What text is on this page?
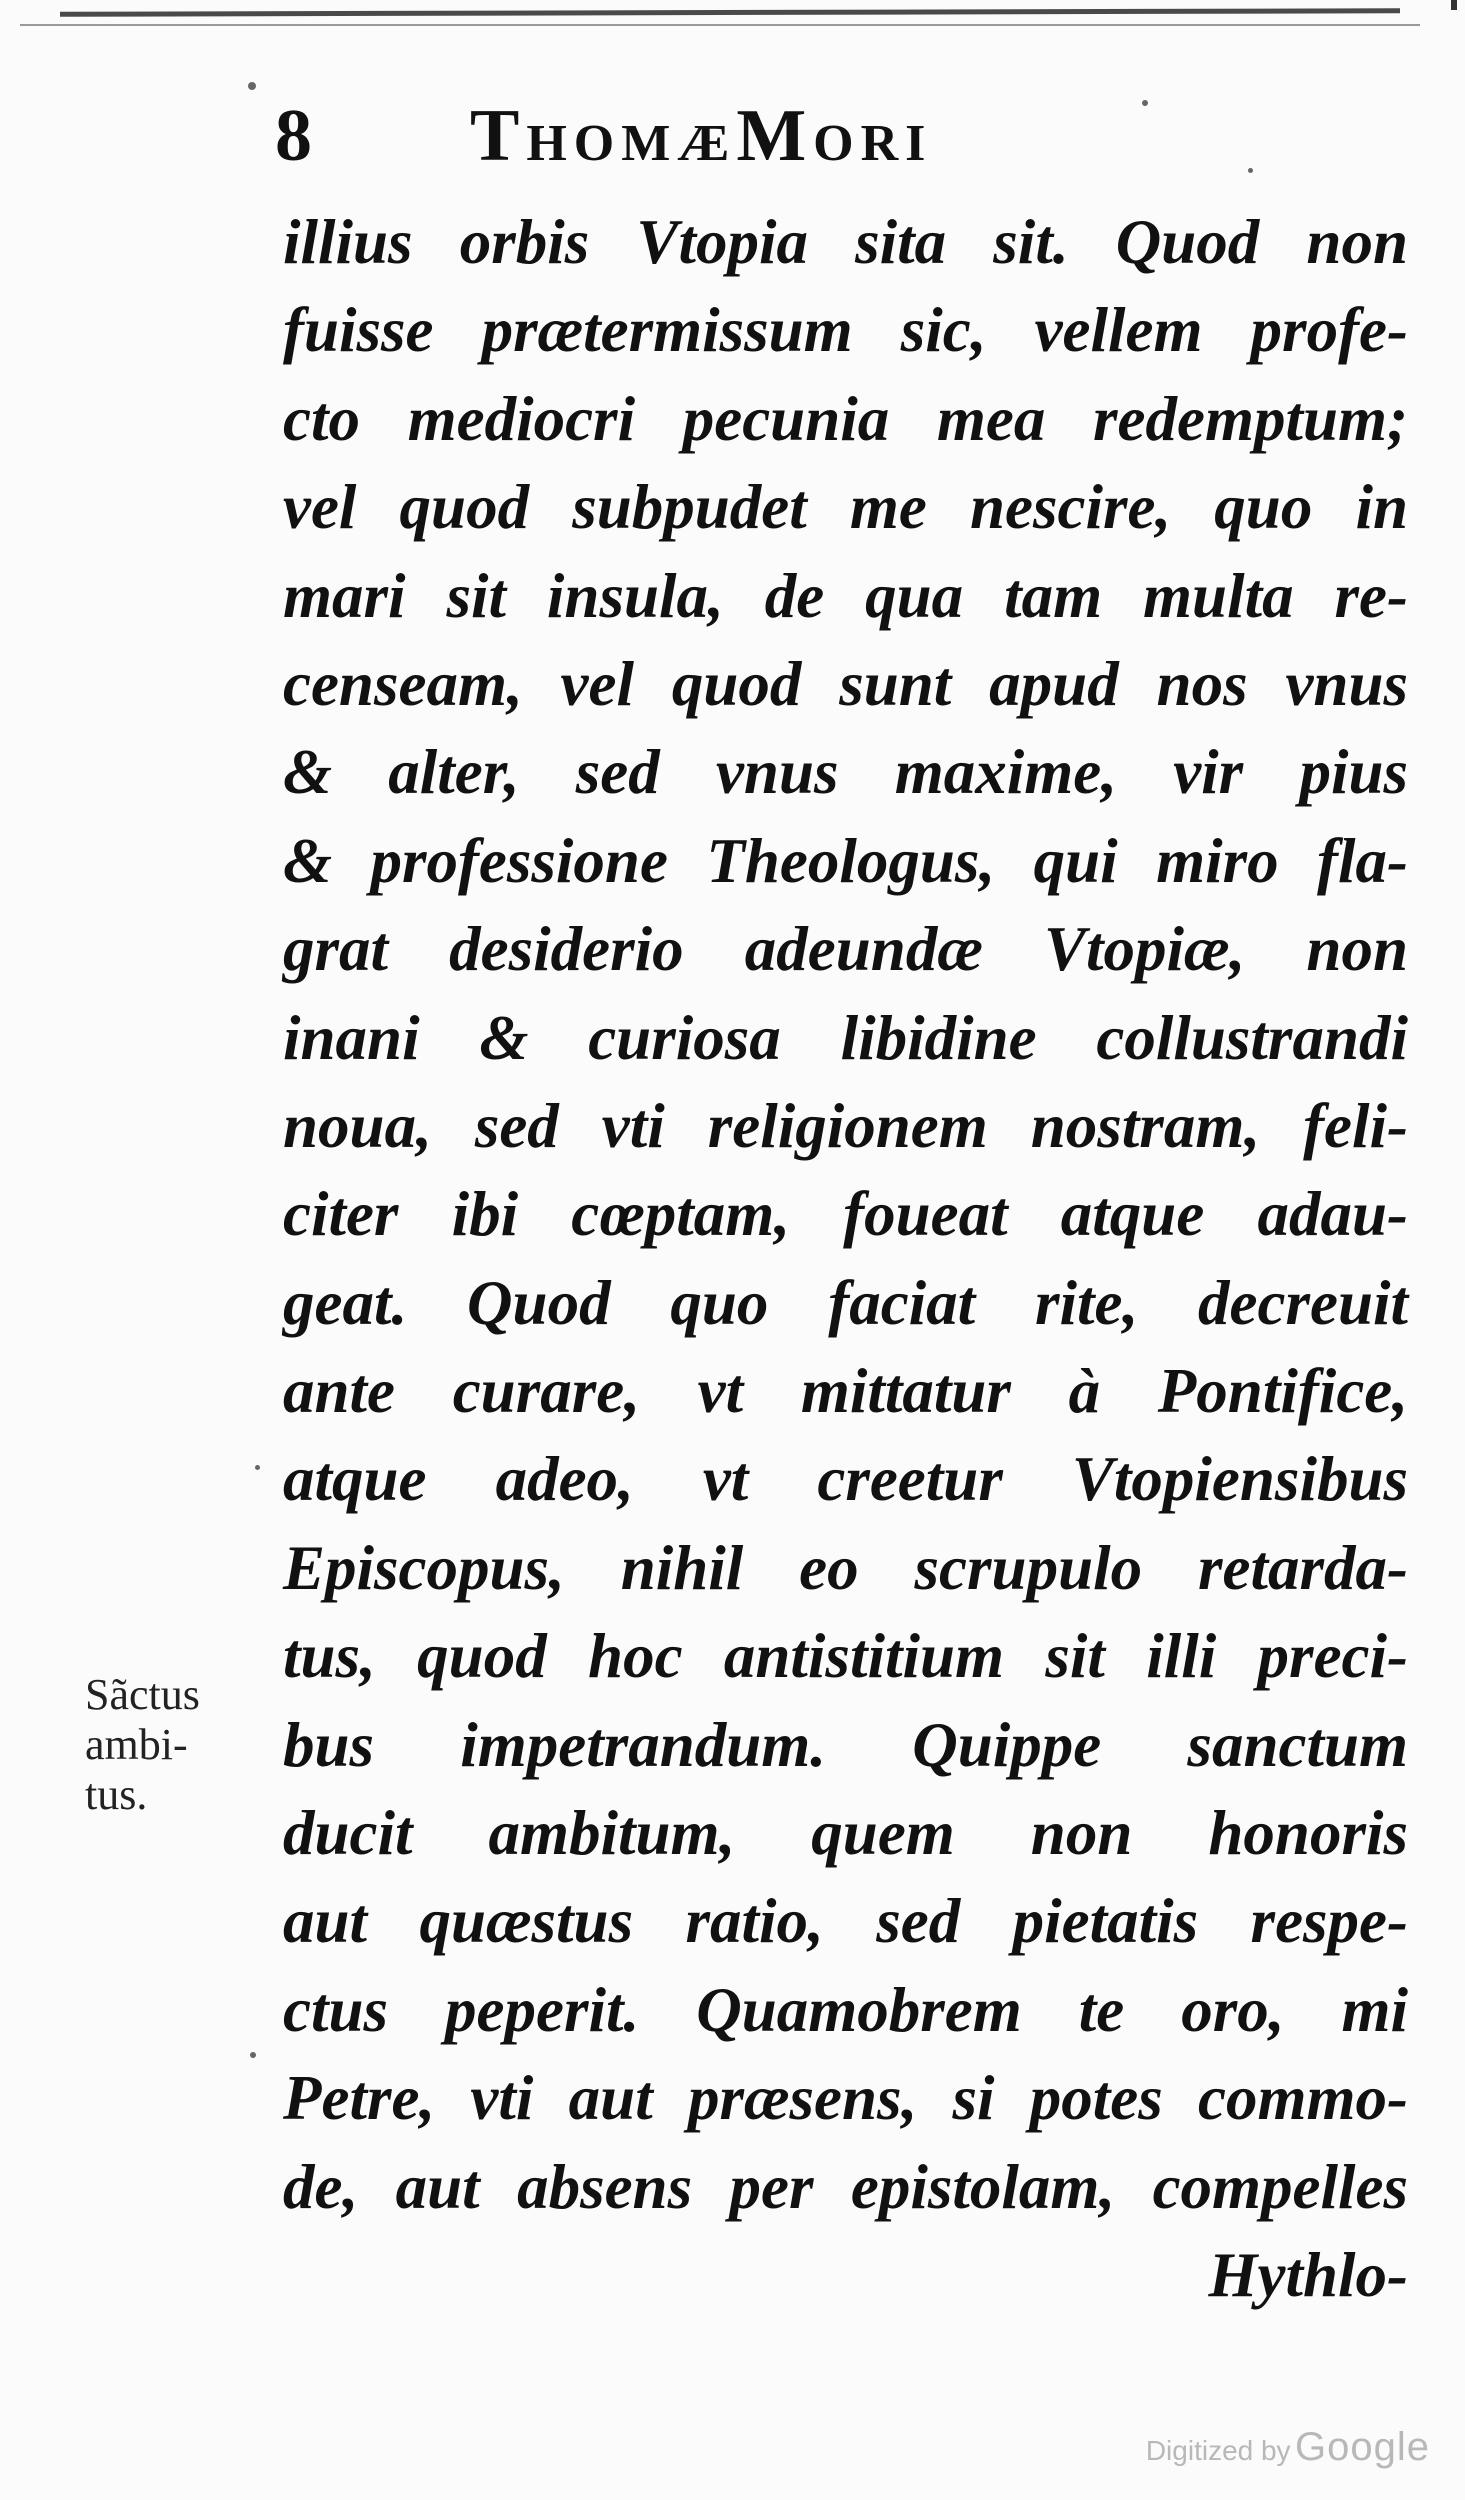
8 ThomæMori
illius orbis Vtopia sita sit. Quod non
fuisse prætermissum sic, vellem profe-
cto mediocri pecunia mea redemptum;
vel quod subpudet me nescire, quo in
mari sit insula, de qua tam multa re-
censeam, vel quod sunt apud nos vnus
& alter, sed vnus maxime, vir pius
& professione Theologus, qui miro fla-
grat desiderio adeundæ Vtopiæ, non
inani & curiosa libidine collustrandi
noua, sed vti religionem nostram, feli-
citer ibi cœptam, foueat atque adau-
geat. Quod quo faciat rite, decreuit
ante curare, vt mittatur à Pontifice,
atque adeo, vt creetur Vtopiensibus
Episcopus, nihil eo scrupulo retarda-
tus, quod hoc antistitium sit illi preci-
bus impetrandum. Quippe sanctum
ducit ambitum, quem non honoris
aut quæstus ratio, sed pietatis respe-
ctus peperit. Quamobrem te oro, mi
Petre, vti aut præsens, si potes commo-
de, aut absens per epistolam, compelles
Hythlo-
Sãctus
ambi-
tus.
Digitized by Google
